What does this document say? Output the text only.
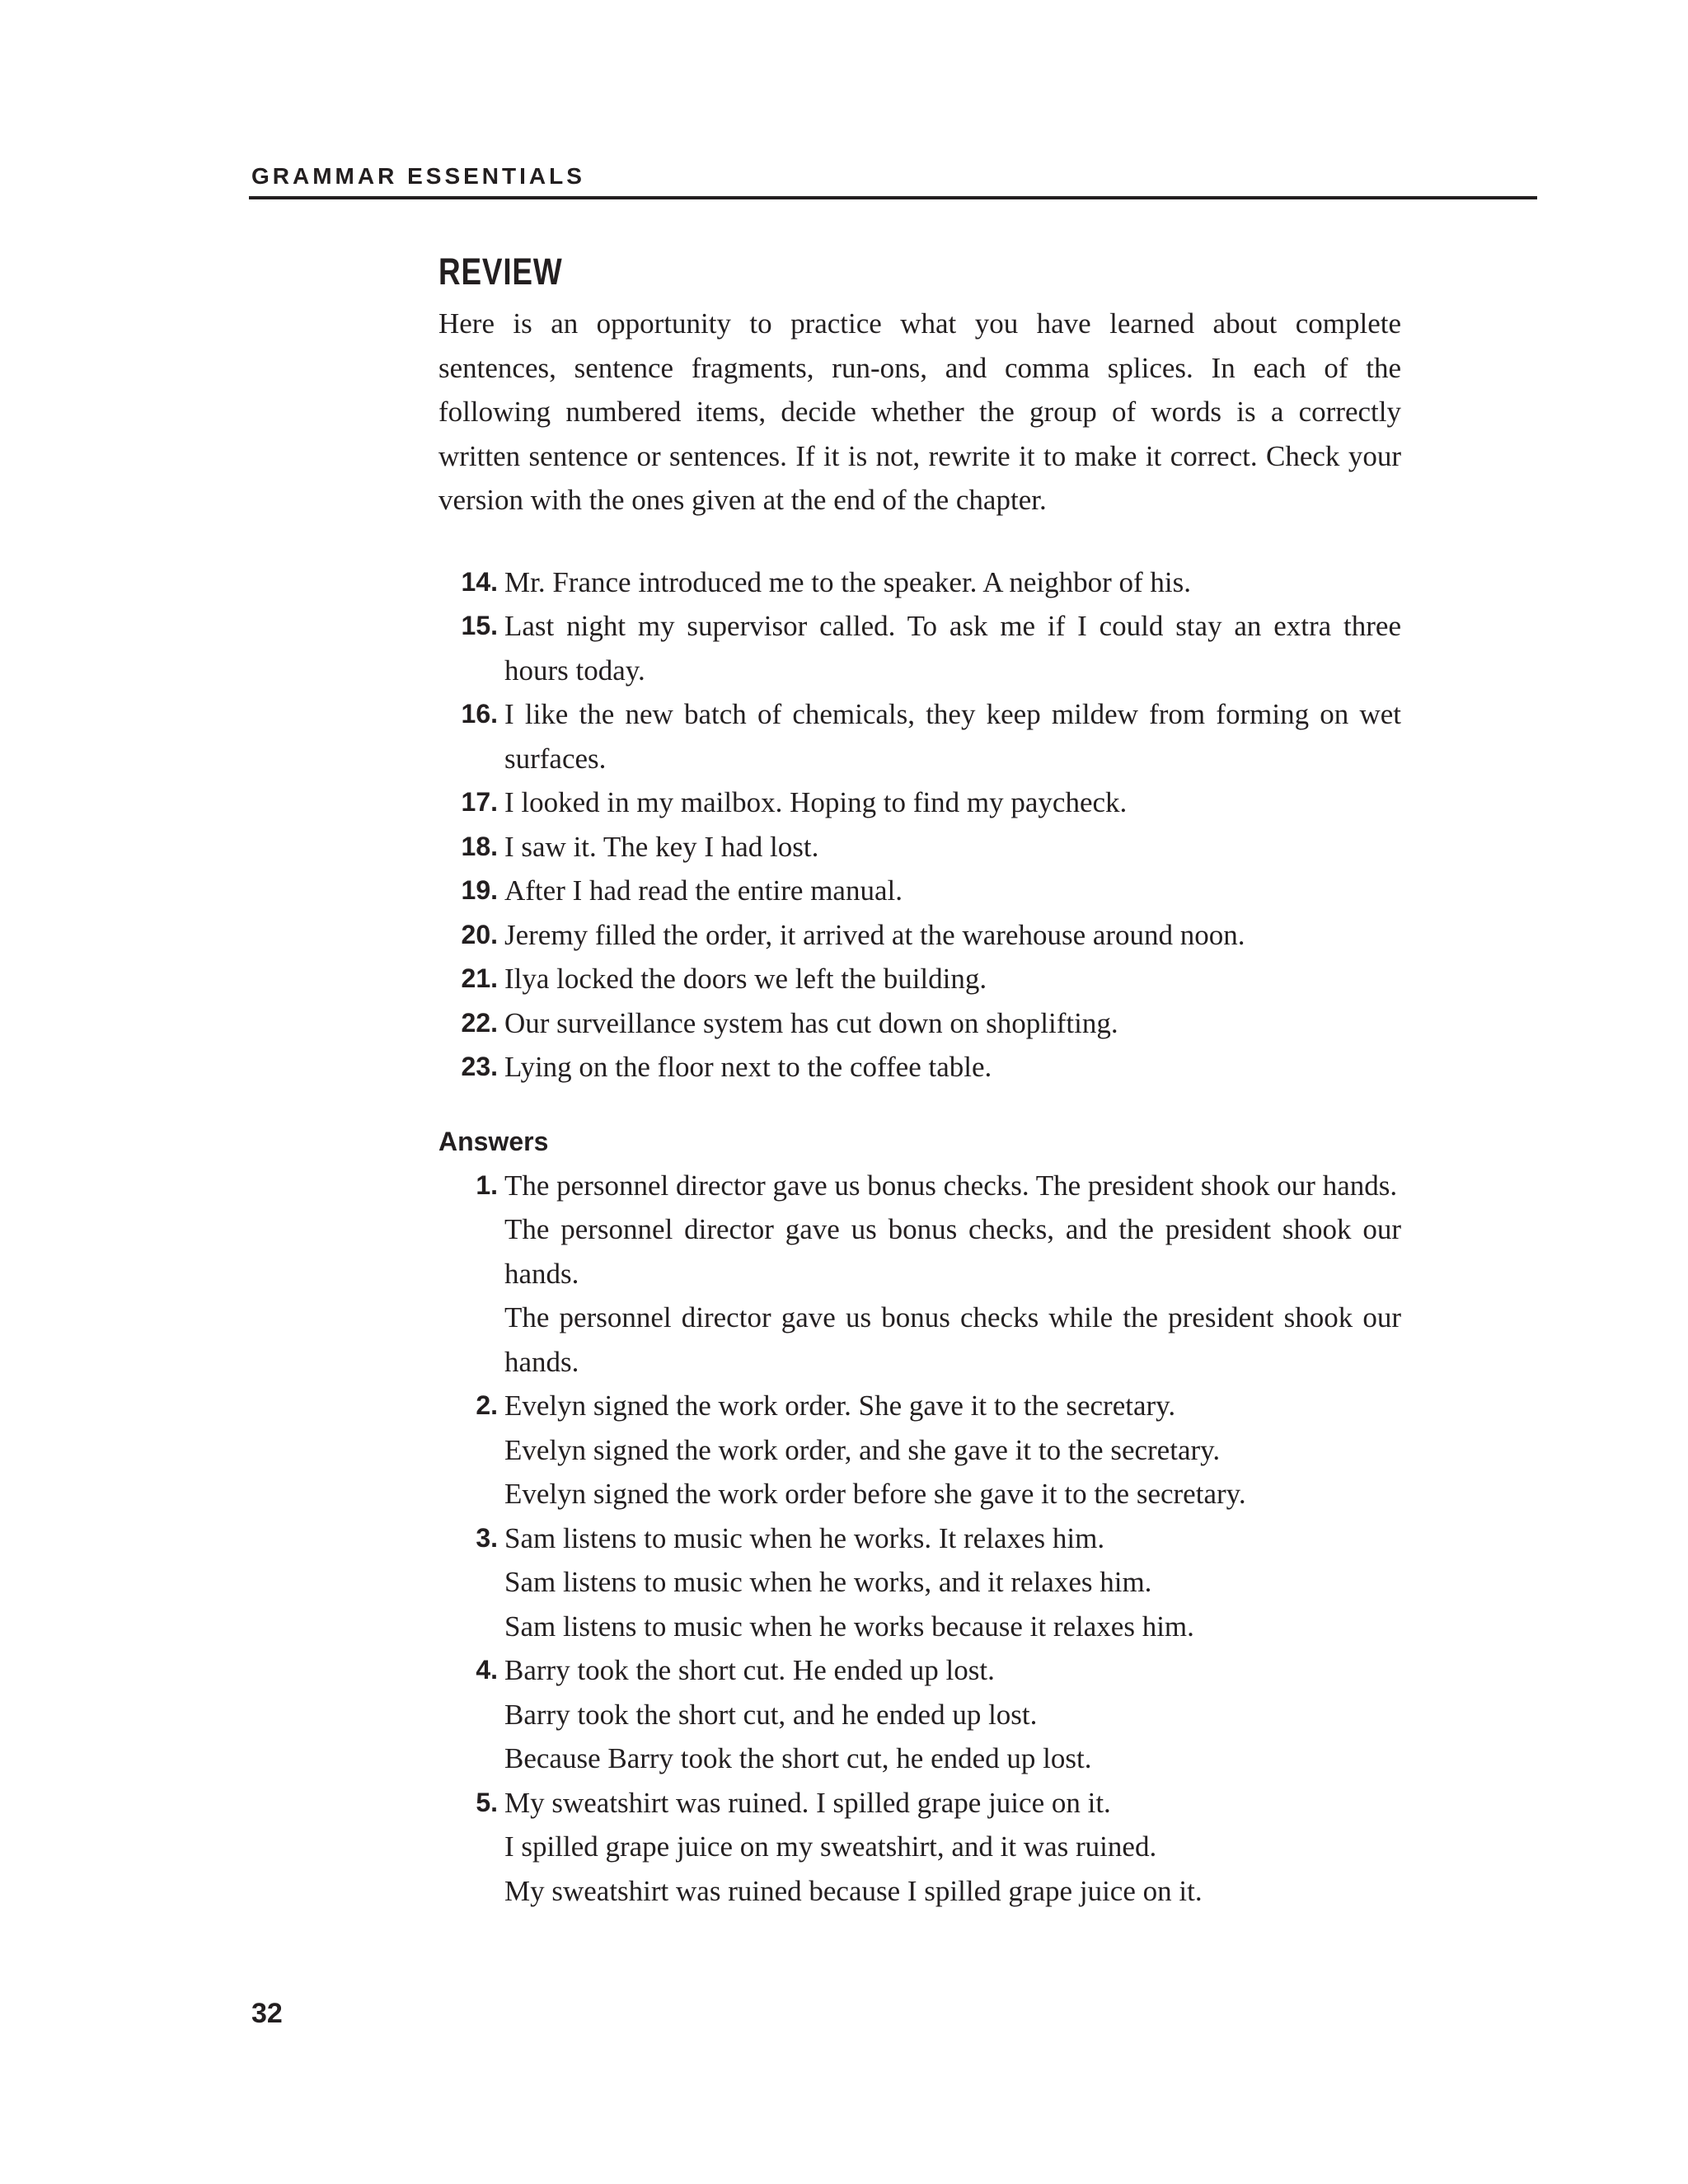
GRAMMAR ESSENTIALS
REVIEW

Here is an opportunity to practice what you have learned about complete sentences, sentence fragments, run-ons, and comma splices. In each of the following numbered items, decide whether the group of words is a correctly written sentence or sentences. If it is not, rewrite it to make it correct. Check your version with the ones given at the end of the chapter.

14. Mr. France introduced me to the speaker. A neighbor of his.
15. Last night my supervisor called. To ask me if I could stay an extra three hours today.
16. I like the new batch of chemicals, they keep mildew from forming on wet surfaces.
17. I looked in my mailbox. Hoping to find my paycheck.
18. I saw it. The key I had lost.
19. After I had read the entire manual.
20. Jeremy filled the order, it arrived at the warehouse around noon.
21. Ilya locked the doors we left the building.
22. Our surveillance system has cut down on shoplifting.
23. Lying on the floor next to the coffee table.
Answers
1. The personnel director gave us bonus checks. The president shook our hands.
The personnel director gave us bonus checks, and the president shook our hands.
The personnel director gave us bonus checks while the president shook our hands.
2. Evelyn signed the work order. She gave it to the secretary.
Evelyn signed the work order, and she gave it to the secretary.
Evelyn signed the work order before she gave it to the secretary.
3. Sam listens to music when he works. It relaxes him.
Sam listens to music when he works, and it relaxes him.
Sam listens to music when he works because it relaxes him.
4. Barry took the short cut. He ended up lost.
Barry took the short cut, and he ended up lost.
Because Barry took the short cut, he ended up lost.
5. My sweatshirt was ruined. I spilled grape juice on it.
I spilled grape juice on my sweatshirt, and it was ruined.
My sweatshirt was ruined because I spilled grape juice on it.
32
